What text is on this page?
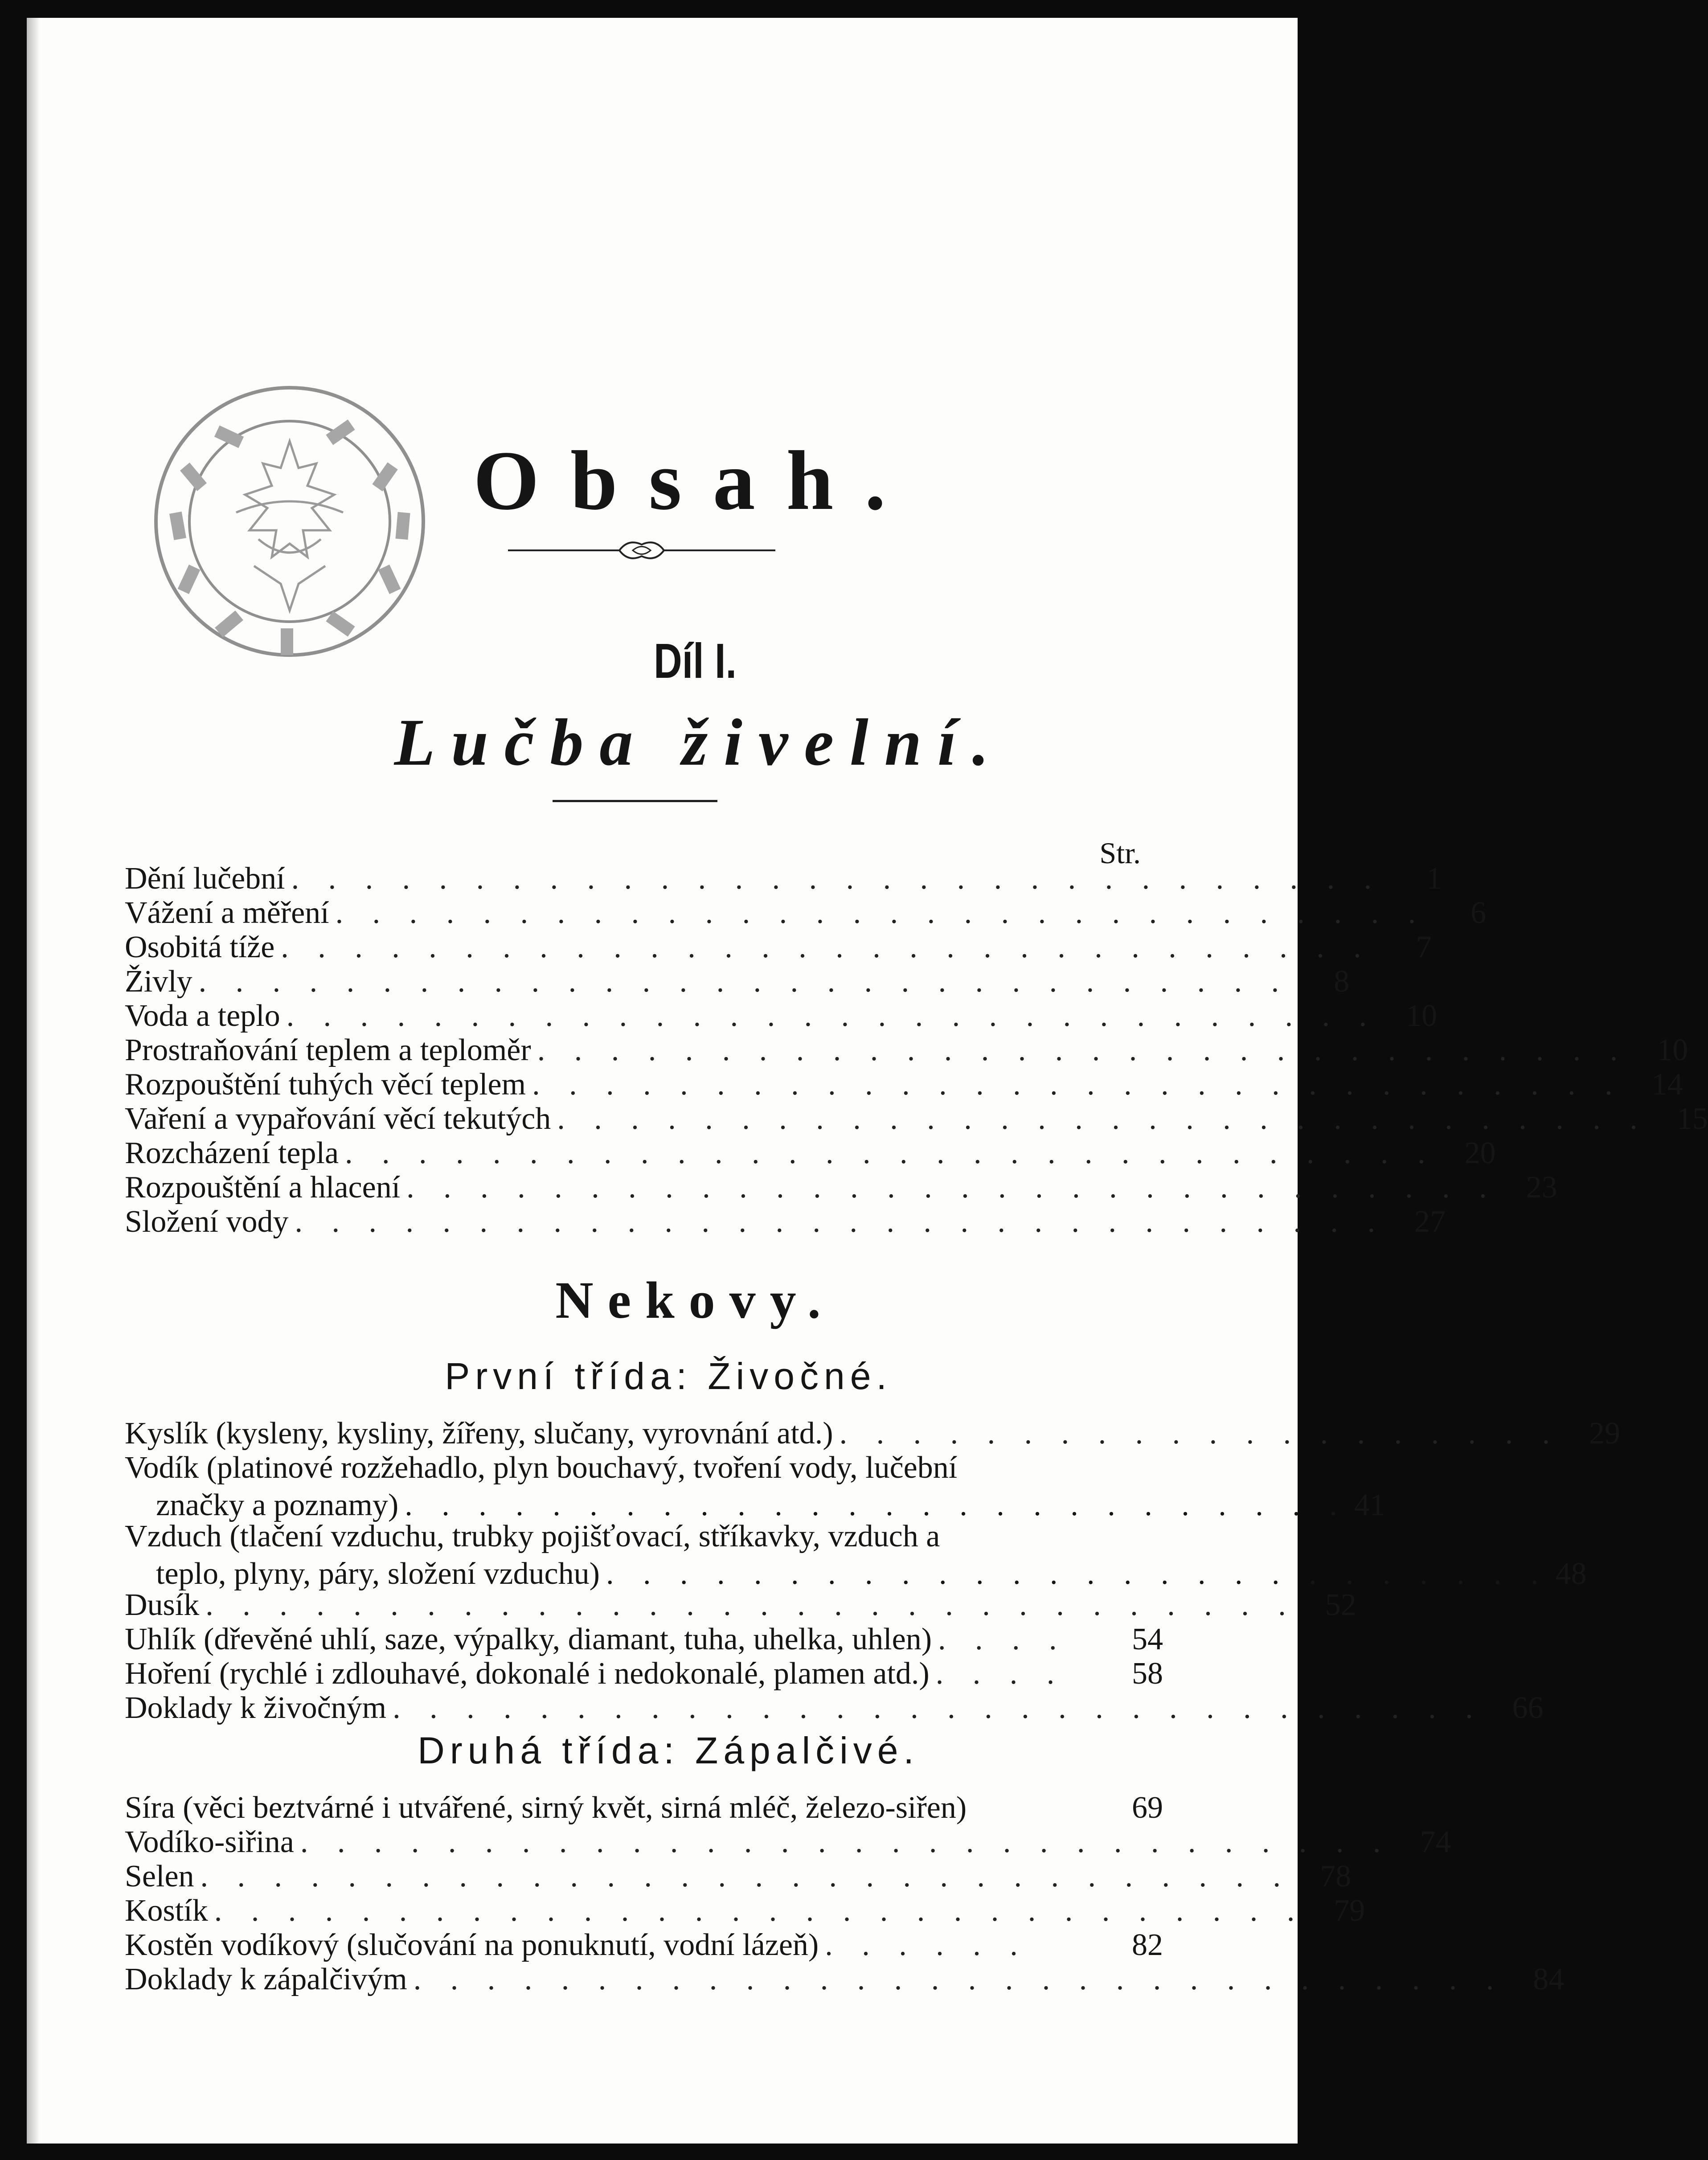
Obsah.
Díl I.
Lučba živelní.
Str.
Dění lučební . . . . . . . . . . . . . . . . . . . . . . . . . . . . . .	1
Vážení a měření . . . . . . . . . . . . . . . . . . . . . . . . . . . . . .	6
Osobitá tíže . . . . . . . . . . . . . . . . . . . . . . . . . . . . . .	7
Živly . . . . . . . . . . . . . . . . . . . . . . . . . . . . . .	8
Voda a teplo . . . . . . . . . . . . . . . . . . . . . . . . . . . . . . 10
Prostraňování teplem a teploměr . . . . . . . . . . . . . . . . . . . . . . . . . . . . . . 10
Rozpouštění tuhých věcí teplem . . . . . . . . . . . . . . . . . . . . . . . . . . . . . . 14
Vaření a vypařování věcí tekutých . . . . . . . . . . . . . . . . . . . . . . . . . . . . . . 15
Rozcházení tepla . . . . . . . . . . . . . . . . . . . . . . . . . . . . . . 20
Rozpouštění a hlacení . . . . . . . . . . . . . . . . . . . . . . . . . . . . . . 23
Složení vody . . . . . . . . . . . . . . . . . . . . . . . . . . . . . . 27
Nekovy.
První třída: Živočné.
Kyslík (kysleny, kysliny, žířeny, slučany, vyrovnání atd.) . . . . . . . . . . . . . . . . . . . . 29
Vodík (platinové rozžehadlo, plyn bouchavý, tvoření vody, lučební
značky a poznamy) . . . . . . . . . . . . . . . . . . . . . . . . . . 41
Vzduch (tlačení vzduchu, trubky pojišťovací, stříkavky, vzduch a
teplo, plyny, páry, složení vzduchu) . . . . . . . . . . . . . . . . . . . . . . . . . . 48
Dusík . . . . . . . . . . . . . . . . . . . . . . . . . . . . . . 52
Uhlík (dřevěné uhlí, saze, výpalky, diamant, tuha, uhelka, uhlen) . . . .	54
Hoření (rychlé i zdlouhavé, dokonalé i nedokonalé, plamen atd.) . . . .	58
Doklady k živočným . . . . . . . . . . . . . . . . . . . . . . . . . . . . . . 66
Druhá třída: Zápalčivé.
Síra (věci beztvárné i utvářené, sirný květ, sirná mléč, železo-siřen)	69
Vodíko-siřina . . . . . . . . . . . . . . . . . . . . . . . . . . . . . . 74
Selen . . . . . . . . . . . . . . . . . . . . . . . . . . . . . . 78
Kostík . . . . . . . . . . . . . . . . . . . . . . . . . . . . . . 79
Kostěn vodíkový (slučování na ponuknutí, vodní lázeň) . . . . . .	82
Doklady k zápalčivým . . . . . . . . . . . . . . . . . . . . . . . . . . . . . . 84
